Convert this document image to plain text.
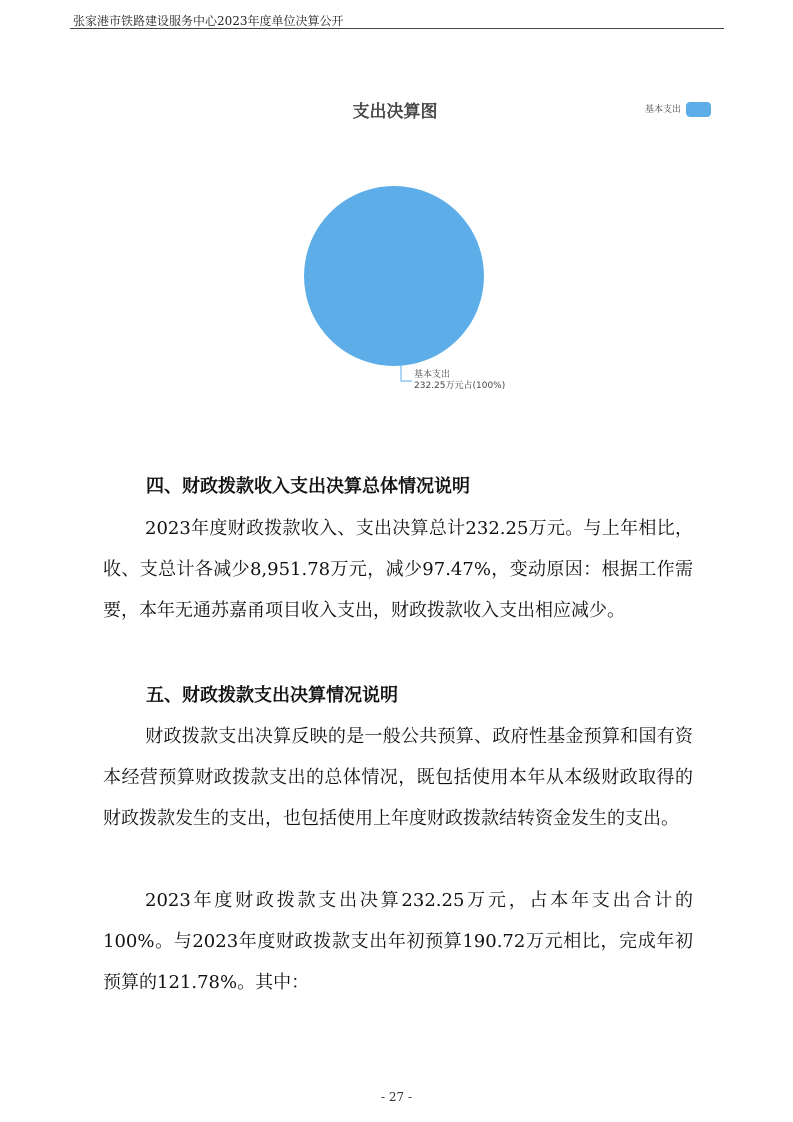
张家港市铁路建设服务中心2023年度单位决算公开
支出决算图	基本支出
基本支出
232.25万元占(100%)
四、财政拨款收入支出决算总体情况说明
2023年度财政拨款收入、支出决算总计232.25万元。与上年相比，收、支总计各减少8,951.78万元，减少97.47%，变动原因：根据工作需要，本年无通苏嘉甬项目收入支出，财政拨款收入支出相应减少。
五、财政拨款支出决算情况说明
财政拨款支出决算反映的是一般公共预算、政府性基金预算和国有资本经营预算财政拨款支出的总体情况，既包括使用本年从本级财政取得的财政拨款发生的支出，也包括使用上年度财政拨款结转资金发生的支出。
2023年度财政拨款支出决算232.25万元，占本年支出合计的100%。与2023年度财政拨款支出年初预算190.72万元相比，完成年初预算的121.78%。其中：
- 27 -
